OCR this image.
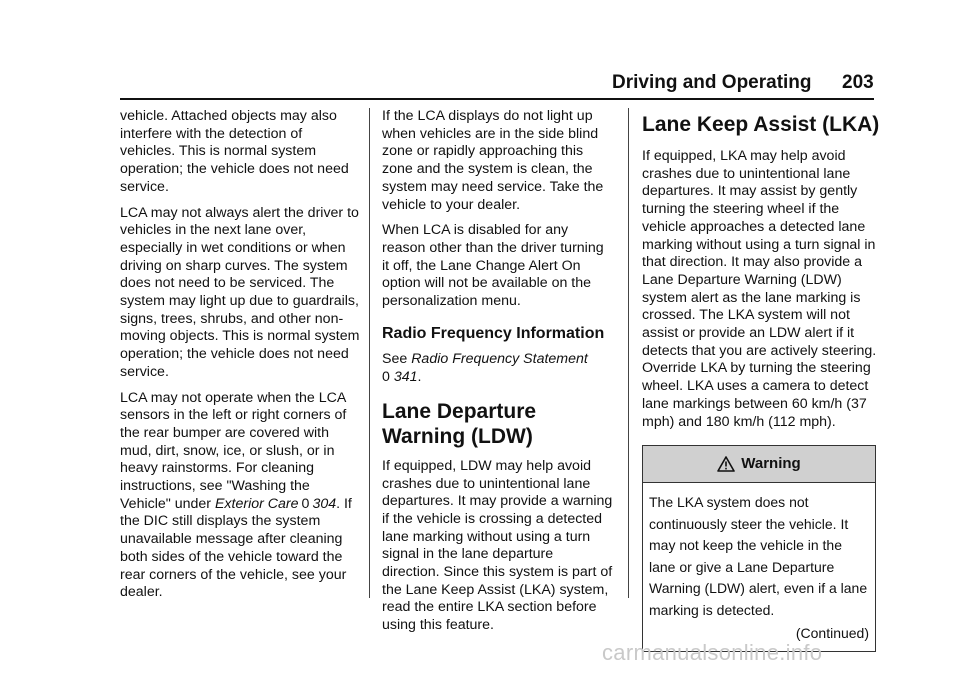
Driving and Operating 203

vehicle. Attached objects may also interfere with the detection of vehicles. This is normal system operation; the vehicle does not need service.

LCA may not always alert the driver to vehicles in the next lane over, especially in wet conditions or when driving on sharp curves. The system does not need to be serviced. The system may light up due to guardrails, signs, trees, shrubs, and other non-moving objects. This is normal system operation; the vehicle does not need service.

LCA may not operate when the LCA sensors in the left or right corners of the rear bumper are covered with mud, dirt, snow, ice, or slush, or in heavy rainstorms. For cleaning instructions, see "Washing the Vehicle" under Exterior Care 0 304. If the DIC still displays the system unavailable message after cleaning both sides of the vehicle toward the rear corners of the vehicle, see your dealer.

If the LCA displays do not light up when vehicles are in the side blind zone or rapidly approaching this zone and the system is clean, the system may need service. Take the vehicle to your dealer.

When LCA is disabled for any reason other than the driver turning it off, the Lane Change Alert On option will not be available on the personalization menu.

Radio Frequency Information

See Radio Frequency Statement
0 341.

Lane Departure Warning (LDW)

If equipped, LDW may help avoid crashes due to unintentional lane departures. It may provide a warning if the vehicle is crossing a detected lane marking without using a turn signal in the lane departure direction. Since this system is part of the Lane Keep Assist (LKA) system, read the entire LKA section before using this feature.

Lane Keep Assist (LKA)

If equipped, LKA may help avoid crashes due to unintentional lane departures. It may assist by gently turning the steering wheel if the vehicle approaches a detected lane marking without using a turn signal in that direction. It may also provide a Lane Departure Warning (LDW) system alert as the lane marking is crossed. The LKA system will not assist or provide an LDW alert if it detects that you are actively steering. Override LKA by turning the steering wheel. LKA uses a camera to detect lane markings between 60 km/h (37 mph) and 180 km/h (112 mph).

Warning

The LKA system does not continuously steer the vehicle. It may not keep the vehicle in the lane or give a Lane Departure Warning (LDW) alert, even if a lane marking is detected.

(Continued)
carmanualsonline.info
